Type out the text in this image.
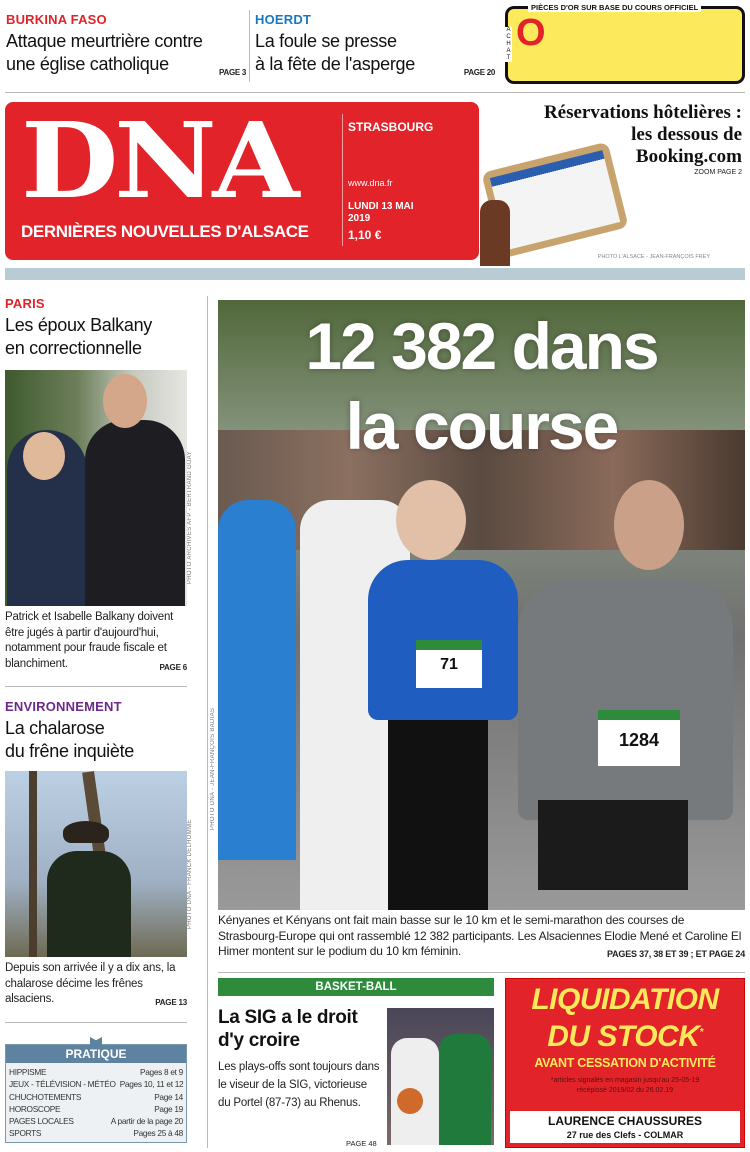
BURKINA FASO
Attaque meurtrière contre
une église catholique	PAGE 3
HOERDT
La foule se presse
à la fête de l'asperge	PAGE 20
PIÈCES D'OR SUR BASE DU COURS OFFICIEL
ACHAT
O
DNA
DERNIÈRES NOUVELLES D'ALSACE
STRASBOURG
www.dna.fr
LUNDI 13 MAI
2019
1,10 €
Réservations hôtelières :
les dessous de
Booking.com
ZOOM PAGE 2
PHOTO L'ALSACE - JEAN-FRANÇOIS FREY
PARIS
Les époux Balkany
en correctionnelle
PHOTO ARCHIVES AFP - BERTRAND GUAY
Patrick et Isabelle Balkany doivent être jugés à partir d'aujourd'hui, notamment pour fraude fiscale et blanchiment.	PAGE 6
ENVIRONNEMENT
La chalarose
du frêne inquiète
PHOTO DNA - FRANCK DELHOMME
Depuis son arrivée il y a dix ans, la chalarose décime les frênes alsaciens.	PAGE 13
PRATIQUE
HIPPISME	Pages 8 et 9
JEUX - TÉLÉVISION - MÉTÉO Pages 10, 11 et 12
CHUCHOTEMENTS	Page 14
HOROSCOPE	Page 19
PAGES LOCALES	A partir de la page 20
SPORTS	Pages 25 à 48
71
1284
12 382 dans
la course
PHOTO DNA - JEAN-FRANÇOIS BADIAS
Kényanes et Kényans ont fait main basse sur le 10 km et le semi-marathon des courses de Strasbourg-Europe qui ont rassemblé 12 382 participants. Les Alsaciennes Elodie Mené et Caroline El Himer montent sur le podium du 10 km féminin.	PAGES 37, 38 ET 39 ; ET PAGE 24
BASKET-BALL
La SIG a le droit
d'y croire
Les plays-offs sont toujours dans le viseur de la SIG, victorieuse du Portel (87-73) au Rhenus.
PAGE 48
LIQUIDATION
DU STOCK*
AVANT CESSATION D'ACTIVITÉ
*articles signalés en magasin jusqu'au 25-05-19
récépissé 2019/02 du 26.02.19
LAURENCE CHAUSSURES
27 rue des Clefs - COLMAR
